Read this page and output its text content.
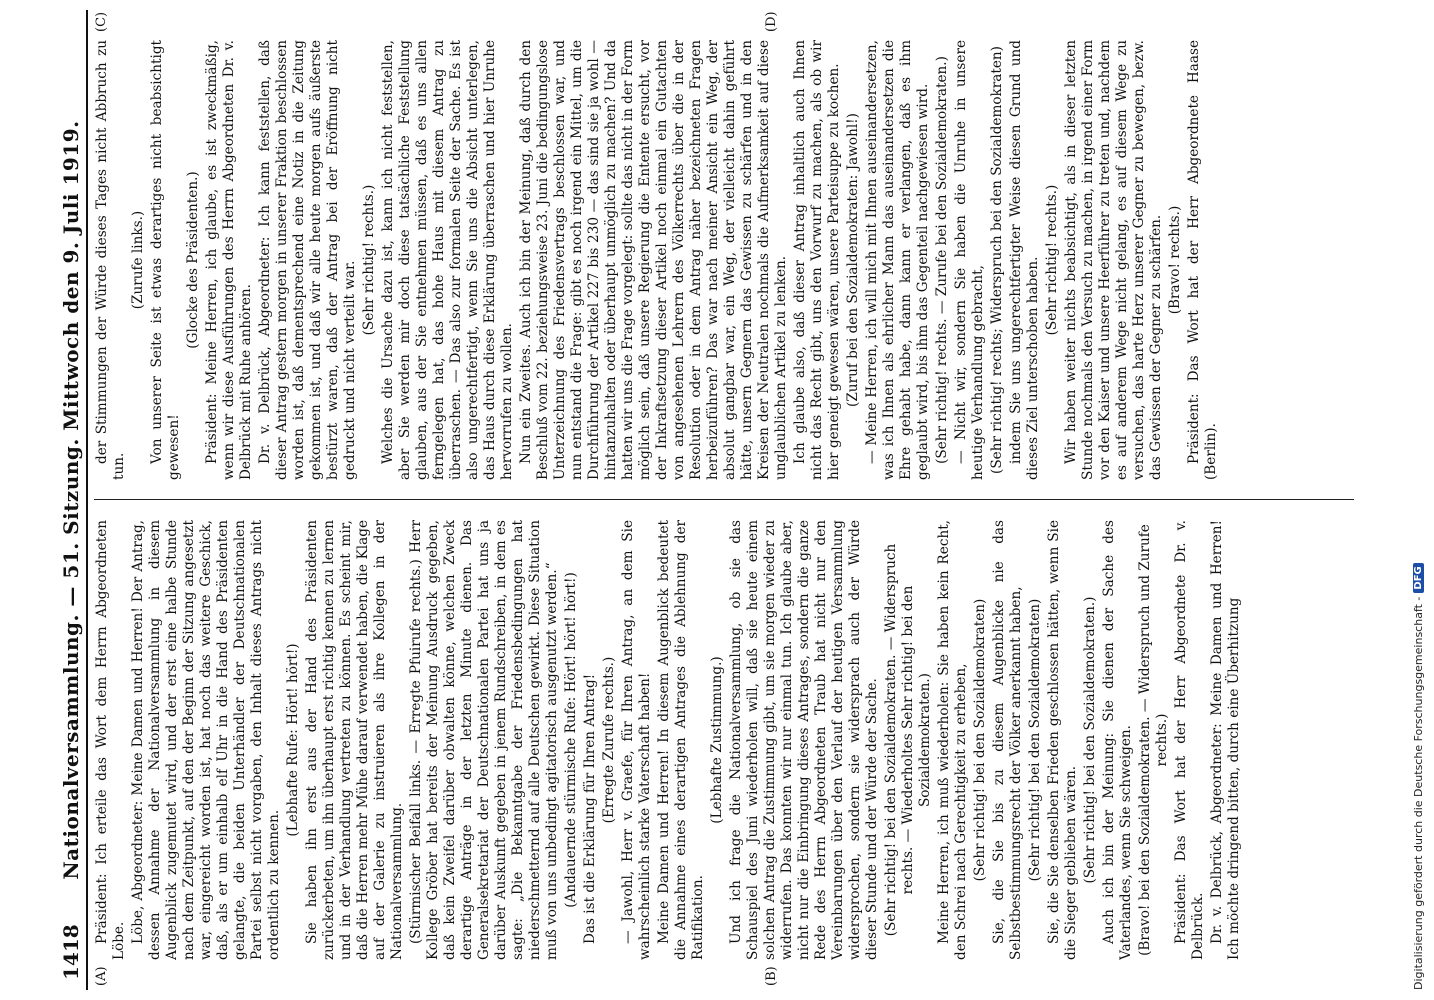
1418
Nationalversammlung. — 51. Sitzung. Mittwoch den 9. Juli 1919.
(A)	(B)
(C)	(D)

Präsident: Ich erteile das Wort dem Herrn Abgeordneten Löbe. Löbe, Abgeordneter: Meine Damen und Herren! Der Antrag, dessen Annahme der Nationalversammlung in diesem Augenblick zugemutet wird, und der erst eine halbe Stunde nach dem Zeitpunkt, auf den der Beginn der Sitzung angesetzt war, eingereicht worden ist, hat noch das weitere Geschick, daß, als er um einhalb elf Uhr in die Hand des Präsidenten gelangte, die beiden Unterhändler der Deutschnationalen Partei selbst nicht vorgaben, den Inhalt dieses Antrags nicht ordentlich zu kennen.

(Lebhafte Rufe: Hört! hört!) Sie haben ihn erst aus der Hand des Präsidenten zurückerbeten, um ihn überhaupt erst richtig kennen zu lernen und in der Verhandlung vertreten zu können. Es scheint mir, daß die Herren mehr Mühe darauf verwendet haben, die Klage auf der Galerie zu instruieren als ihre Kollegen in der Nationalversammlung. (Stürmischer Beifall links. — Erregte Pfuirufe rechts.) Herr Kollege Gröber hat bereits der Meinung Ausdruck gegeben, daß kein Zweifel darüber obwalten könne, welchen Zweck derartige Anträge in der letzten Minute dienen. Das Generalsekretariat der Deutschnationalen Partei hat uns ja darüber Auskunft gegeben in jenem Rundschreiben, in dem es sagte: „Die Bekanntgabe der Friedensbedingungen hat niederschmetternd auf alle Deutschen gewirkt. Diese Situation muß von uns unbedingt agitatorisch ausgenutzt werden.“ (Andauernde stürmische Rufe: Hört! hört! hört!) Das ist die Erklärung für Ihren Antrag! (Erregte Zurufe rechts.) — Jawohl, Herr v. Graefe, für Ihren Antrag, an dem Sie wahrscheinlich starke Vaterschaft haben! Meine Damen und Herren! In diesem Augenblick bedeutet die Annahme eines derartigen Antrages die Ablehnung der Ratifikation.

(Lebhafte Zustimmung.) Und ich frage die Nationalversammlung, ob sie das Schauspiel des Juni wiederholen will, daß sie heute einem solchen Antrag die Zustimmung gibt, um sie morgen wieder zu widerrufen. Das konnten wir nur einmal tun. Ich glaube aber, nicht nur die Einbringung dieses Antrages, sondern die ganze Rede des Herrn Abgeordneten Traub hat nicht nur den Vereinbarungen über den Verlauf der heutigen Versammlung widersprochen, sondern sie widersprach auch der Würde dieser Stunde und der Würde der Sache. (Sehr richtig! bei den Sozialdemokraten. — Widerspruch rechts. — Wiederholtes Sehr richtig! bei den Sozialdemokraten.) Meine Herren, ich muß wiederholen: Sie haben kein Recht, den Schrei nach Gerechtigkeit zu erheben, (Sehr richtig! bei den Sozialdemokraten) Sie, die Sie bis zu diesem Augenblicke nie das Selbstbestimmungsrecht der Völker anerkannt haben, (Sehr richtig! bei den Sozialdemokraten) Sie, die Sie denselben Frieden geschlossen hätten, wenn Sie die Sieger geblieben wären. (Sehr richtig! bei den Sozialdemokraten.) Auch ich bin der Meinung: Sie dienen der Sache des Vaterlandes, wenn Sie schweigen. (Bravo! bei den Sozialdemokraten. — Widerspruch und Zurufe rechts.) Präsident: Das Wort hat der Herr Abgeordnete Dr. v. Delbrück. Dr. v. Delbrück, Abgeordneter: Meine Damen und Herren! Ich möchte dringend bitten, durch eine Überhitzung

der Stimmungen der Würde dieses Tages nicht Abbruch zu tun.

(Zurufe links.) Von unserer Seite ist etwas derartiges nicht beabsichtigt gewesen!

(Glocke des Präsidenten.) Präsident: Meine Herren, ich glaube, es ist zweckmäßig, wenn wir diese Ausführungen des Herrn Abgeordneten Dr. v. Delbrück mit Ruhe anhören. Dr. v. Delbrück, Abgeordneter: Ich kann feststellen, daß dieser Antrag gestern morgen in unserer Fraktion beschlossen worden ist, daß dementsprechend eine Notiz in die Zeitung gekommen ist, und daß wir alle heute morgen aufs äußerste bestürzt waren, daß der Antrag bei der Eröffnung nicht gedruckt und nicht verteilt war.

(Sehr richtig! rechts.) Welches die Ursache dazu ist, kann ich nicht feststellen, aber Sie werden mir doch diese tatsächliche Feststellung glauben, aus der Sie entnehmen müssen, daß es uns allen ferngelegen hat, das hohe Haus mit diesem Antrag zu überraschen. — Das also zur formalen Seite der Sache. Es ist also ungerechtfertigt, wenn Sie uns die Absicht unterlegen, das Haus durch diese Erklärung überraschen und hier Unruhe hervorrufen zu wollen. Nun ein Zweites. Auch ich bin der Meinung, daß durch den Beschluß vom 22. beziehungsweise 23. Juni die bedingungslose Unterzeichnung des Friedensvertrags beschlossen war, und nun entstand die Frage: gibt es noch irgend ein Mittel, um die Durchführung der Artikel 227 bis 230 — das sind sie ja wohl — hintanzuhalten oder überhaupt unmöglich zu machen? Und da hatten wir uns die Frage vorgelegt: sollte das nicht in der Form möglich sein, daß unsere Regierung die Entente ersucht, vor der Inkraftsetzung dieser Artikel noch einmal ein Gutachten von angesehenen Lehrern des Völkerrechts über die in der Resolution oder in dem Antrag näher bezeichneten Fragen herbeizuführen? Das war nach meiner Ansicht ein Weg, der absolut gangbar war, ein Weg, der vielleicht dahin geführt hätte, unsern Gegnern das Gewissen zu schärfen und in den Kreisen der Neutralen nochmals die Aufmerksamkeit auf diese unglaublichen Artikel zu lenken. Ich glaube also, daß dieser Antrag inhaltlich auch Ihnen nicht das Recht gibt, uns den Vorwurf zu machen, als ob wir hier geneigt gewesen wären, unsere Parteisuppe zu kochen. (Zuruf bei den Sozialdemokraten: Jawohl!) — Meine Herren, ich will mich mit Ihnen auseinandersetzen, was ich Ihnen als ehrlicher Mann das auseinandersetzen die Ehre gehabt habe, dann kann er verlangen, daß es ihm geglaubt wird, bis ihm das Gegenteil nachgewiesen wird. (Sehr richtig! rechts. — Zurufe bei den Sozialdemokraten.) — Nicht wir, sondern Sie haben die Unruhe in unsere heutige Verhandlung gebracht, (Sehr richtig! rechts; Widerspruch bei den Sozialdemokraten) indem Sie uns ungerechtfertigter Weise diesen Grund und dieses Ziel unterschoben haben. (Sehr richtig! rechts.) Wir haben weiter nichts beabsichtigt, als in dieser letzten Stunde nochmals den Versuch zu machen, in irgend einer Form vor den Kaiser und unsere Heerführer zu treten und, nachdem es auf anderem Wege nicht gelang, es auf diesem Wege zu versuchen, das harte Herz unserer Gegner zu bewegen, bezw. das Gewissen der Gegner zu schärfen. (Bravo! rechts.) Präsident: Das Wort hat der Herr Abgeordnete Haase (Berlin).

Digitalisierung gefördert durch die Deutsche Forschungsgemeinschaft -
DFG
